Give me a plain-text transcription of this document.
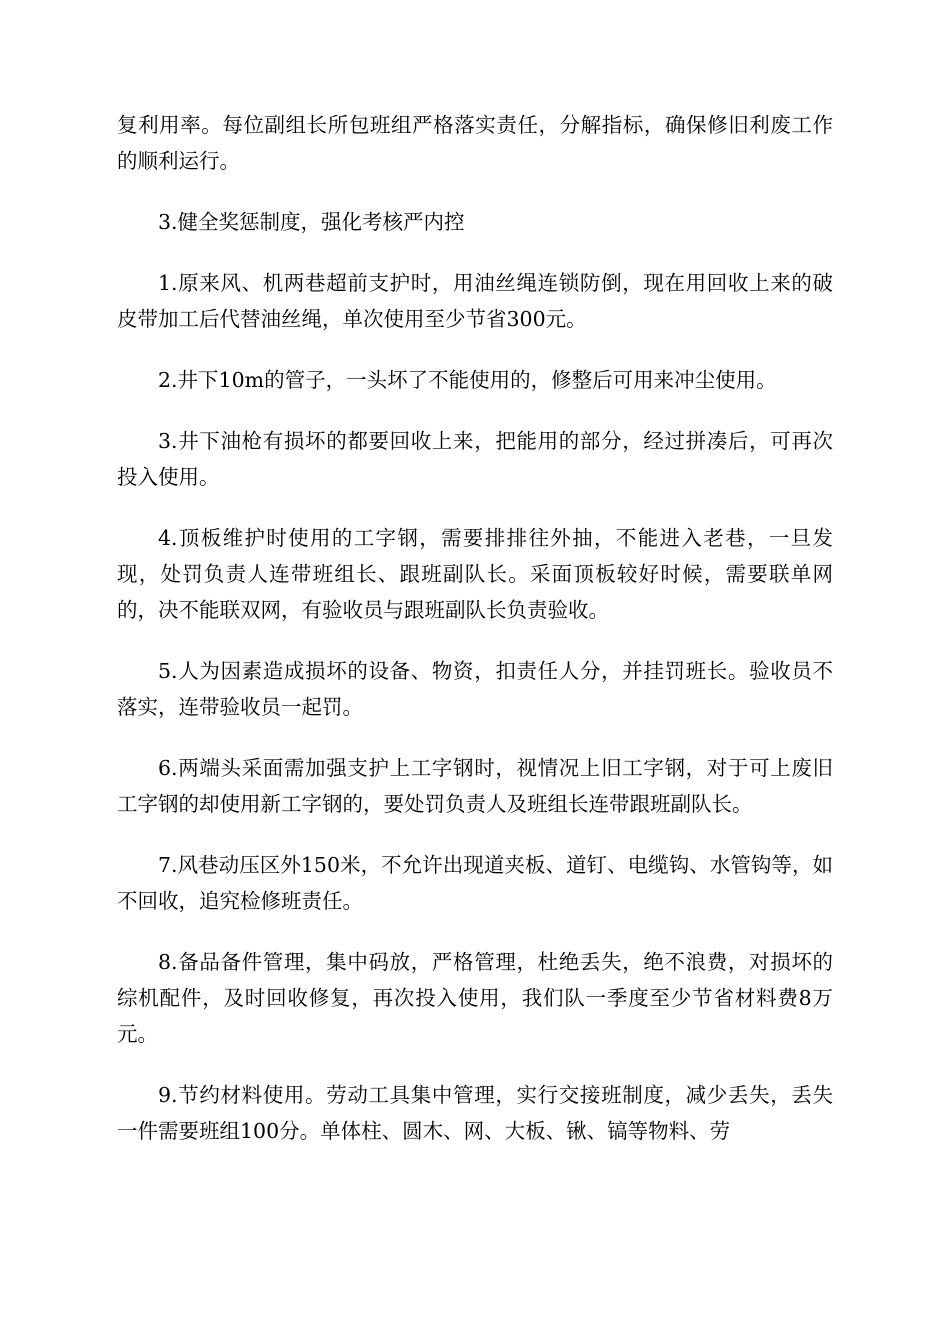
复利用率。每位副组长所包班组严格落实责任，分解指标，确保修旧利废工作的顺利运行。

3.健全奖惩制度，强化考核严内控

1.原来风、机两巷超前支护时，用油丝绳连锁防倒，现在用回收上来的破皮带加工后代替油丝绳，单次使用至少节省300元。

2.井下10m的管子，一头坏了不能使用的，修整后可用来冲尘使用。

3.井下油枪有损坏的都要回收上来，把能用的部分，经过拼凑后，可再次投入使用。

4.顶板维护时使用的工字钢，需要排排往外抽，不能进入老巷，一旦发现，处罚负责人连带班组长、跟班副队长。采面顶板较好时候，需要联单网的，决不能联双网，有验收员与跟班副队长负责验收。

5.人为因素造成损坏的设备、物资，扣责任人分，并挂罚班长。验收员不落实，连带验收员一起罚。

6.两端头采面需加强支护上工字钢时，视情况上旧工字钢，对于可上废旧工字钢的却使用新工字钢的，要处罚负责人及班组长连带跟班副队长。

7.风巷动压区外150米，不允许出现道夹板、道钉、电缆钩、水管钩等，如不回收，追究检修班责任。

8.备品备件管理，集中码放，严格管理，杜绝丢失，绝不浪费，对损坏的综机配件，及时回收修复，再次投入使用，我们队一季度至少节省材料费8万元。

9.节约材料使用。劳动工具集中管理，实行交接班制度，减少丢失，丢失一件需要班组100分。单体柱、圆木、网、大板、锹、镐等物料、劳
